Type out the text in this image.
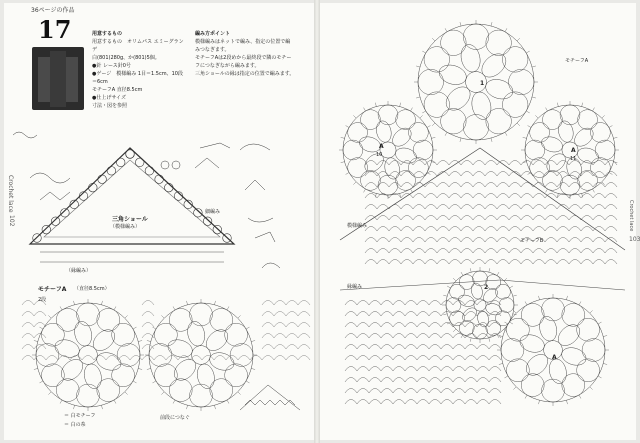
36ページの作品
17	用意するもの

用意するもの　オリムパス エミーグランデ

白(801)280g、か(801)5個。

●針 レース針0号

●ゲージ　模様編み 1目＝1.5cm、10段＝6cm

モチーフA 直径8.5cm

●仕上げサイズ

寸法・図を参照

編み方ポイント

模様編みはネットで編み、指定の位置で編みつなぎます。

モチーフAは2段めから最終段で隣のモチーフにつなぎながら編みます。

三角ショールの縁は指定の位置で編みます。

Crochet lace
102	三角ショール
（模様編み）
（縁編み）
モチーフA （直径8.5cm）
2段
＝ 白モチーフ
＝ 白の糸
前段につなぐ
細編み	Crochet lace
103
A
10
A
11
模様編み
縁編み
モチーフA
モチーフB
A
2
1
